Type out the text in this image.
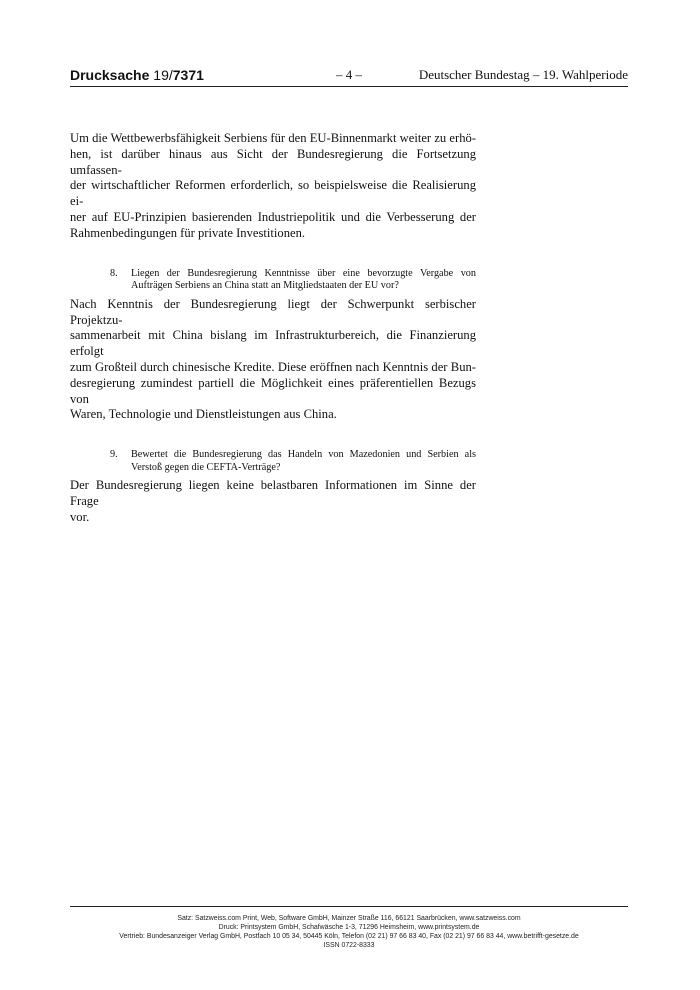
Drucksache 19/7371	– 4 –	Deutscher Bundestag – 19. Wahlperiode

Um die Wettbewerbsfähigkeit Serbiens für den EU-Binnenmarkt weiter zu erhö-
hen, ist darüber hinaus aus Sicht der Bundesregierung die Fortsetzung umfassen-
der wirtschaftlicher Reformen erforderlich, so beispielsweise die Realisierung ei-
ner auf EU-Prinzipien basierenden Industriepolitik und die Verbesserung der
Rahmenbedingungen für private Investitionen.

8. Liegen der Bundesregierung Kenntnisse über eine bevorzugte Vergabe von
Aufträgen Serbiens an China statt an Mitgliedstaaten der EU vor?

Nach Kenntnis der Bundesregierung liegt der Schwerpunkt serbischer Projektzu-
sammenarbeit mit China bislang im Infrastrukturbereich, die Finanzierung erfolgt
zum Großteil durch chinesische Kredite. Diese eröffnen nach Kenntnis der Bun-
desregierung zumindest partiell die Möglichkeit eines präferentiellen Bezugs von
Waren, Technologie und Dienstleistungen aus China.

9. Bewertet die Bundesregierung das Handeln von Mazedonien und Serbien als
Verstoß gegen die CEFTA-Verträge?

Der Bundesregierung liegen keine belastbaren Informationen im Sinne der Frage
vor.

Satz: Satzweiss.com Print, Web, Software GmbH, Mainzer Straße 116, 66121 Saarbrücken, www.satzweiss.com
Druck: Printsystem GmbH, Schafwäsche 1-3, 71296 Heimsheim, www.printsystem.de
Vertrieb: Bundesanzeiger Verlag GmbH, Postfach 10 05 34, 50445 Köln, Telefon (02 21) 97 66 83 40, Fax (02 21) 97 66 83 44, www.betrifft-gesetze.de
ISSN 0722-8333
